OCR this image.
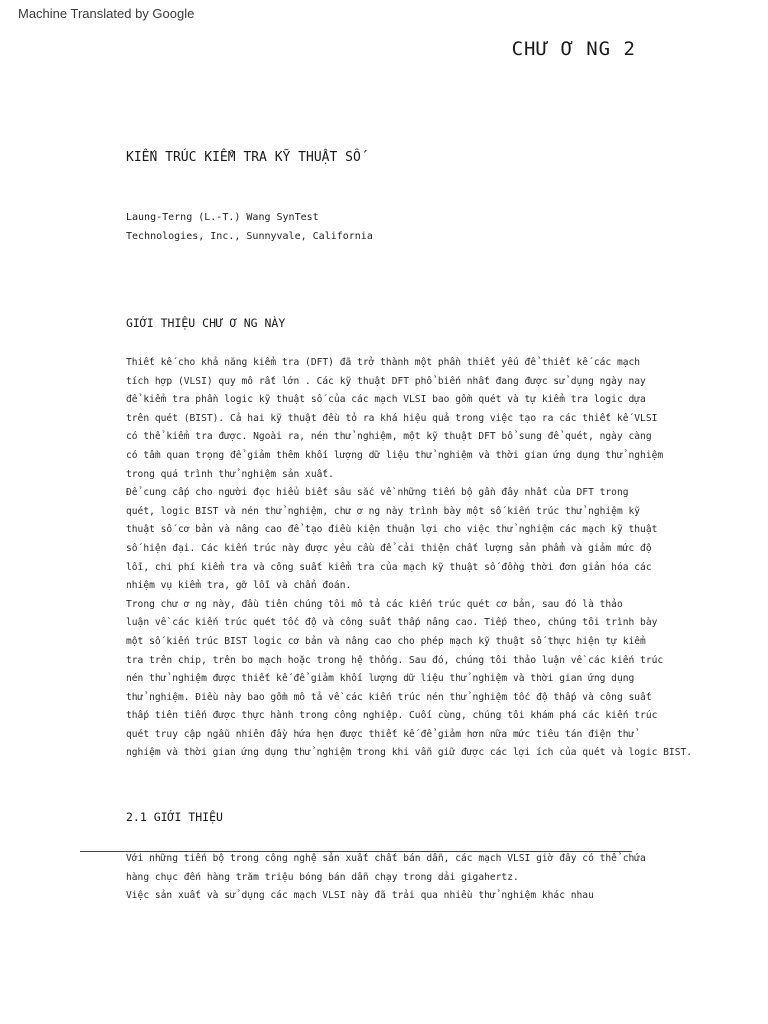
Machine Translated by Google
CHƯ Ơ NG 2
KIẾN TRÚC KIỂM TRA KỸ THUẬT SỐ
Laung-Terng (L.-T.) Wang SynTest
Technologies, Inc., Sunnyvale, California
GIỚI THIỆU CHƯ Ơ NG NÀY
Thiết kế cho khả năng kiểm tra (DFT) đã trở thành một phần thiết yếu để thiết kế các mạch
tích hợp (VLSI) quy mô rất lớn . Các kỹ thuật DFT phổ biến nhất đang được sử dụng ngày nay
để kiểm tra phần logic kỹ thuật số của các mạch VLSI bao gồm quét và tự kiểm tra logic dựa
trên quét (BIST). Cả hai kỹ thuật đều tỏ ra khá hiệu quả trong việc tạo ra các thiết kế VLSI
có thể kiểm tra được. Ngoài ra, nén thử nghiệm, một kỹ thuật DFT bổ sung để quét, ngày càng
có tầm quan trọng để giảm thêm khối lượng dữ liệu thử nghiệm và thời gian ứng dụng thử nghiệm
trong quá trình thử nghiệm sản xuất.
Để cung cấp cho người đọc hiểu biết sâu sắc về những tiến bộ gần đây nhất của DFT trong
quét, logic BIST và nén thử nghiệm, chư ơ ng này trình bày một số kiến trúc thử nghiệm kỹ
thuật số cơ bản và nâng cao để tạo điều kiện thuận lợi cho việc thử nghiệm các mạch kỹ thuật
số hiện đại. Các kiến trúc này được yêu cầu để cải thiện chất lượng sản phẩm và giảm mức độ
lỗi, chi phí kiểm tra và công suất kiểm tra của mạch kỹ thuật số đồng thời đơn giản hóa các
nhiệm vụ kiểm tra, gỡ lỗi và chẩn đoán.
Trong chư ơ ng này, đầu tiên chúng tôi mô tả các kiến trúc quét cơ bản, sau đó là thảo
luận về các kiến trúc quét tốc độ và công suất thấp nâng cao. Tiếp theo, chúng tôi trình bày
một số kiến trúc BIST logic cơ bản và nâng cao cho phép mạch kỹ thuật số thực hiện tự kiểm
tra trên chip, trên bo mạch hoặc trong hệ thống. Sau đó, chúng tôi thảo luận về các kiến trúc
nén thử nghiệm được thiết kế để giảm khối lượng dữ liệu thử nghiệm và thời gian ứng dụng
thử nghiệm. Điều này bao gồm mô tả về các kiến trúc nén thử nghiệm tốc độ thấp và công suất
thấp tiên tiến được thực hành trong công nghiệp. Cuối cùng, chúng tôi khám phá các kiến trúc
quét truy cập ngẫu nhiên đầy hứa hẹn được thiết kế để giảm hơn nữa mức tiêu tán điện thử
nghiệm và thời gian ứng dụng thử nghiệm trong khi vẫn giữ được các lợi ích của quét và logic BIST.
2.1 GIỚI THIỆU
Với những tiến bộ trong công nghệ sản xuất chất bán dẫn, các mạch VLSI giờ đây có thể chứa
hàng chục đến hàng trăm triệu bóng bán dẫn chạy trong dải gigahertz.
Việc sản xuất và sử dụng các mạch VLSI này đã trải qua nhiều thử nghiệm khác nhau
